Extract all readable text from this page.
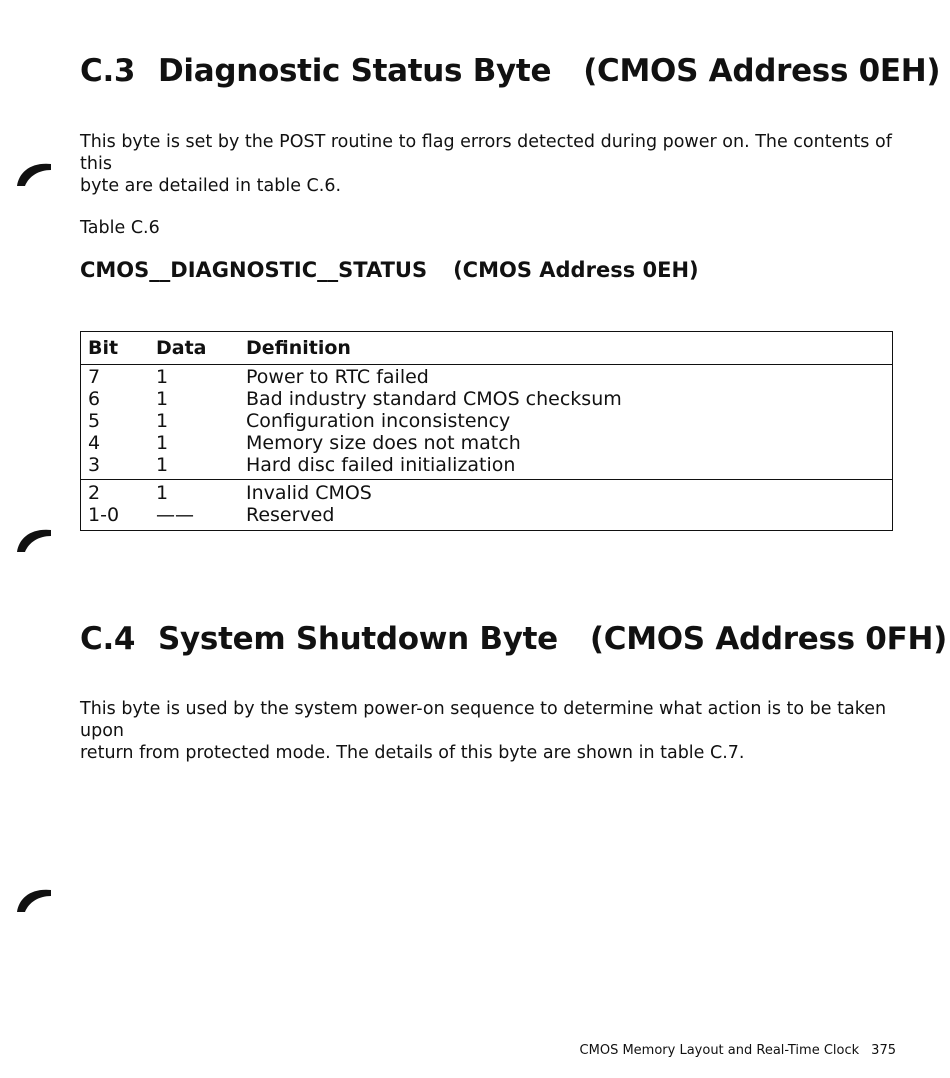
C.3 Diagnostic Status Byte (CMOS Address 0EH)

This byte is set by the POST routine to flag errors detected during power on. The contents of this
byte are detailed in table C.6.

Table C.6
CMOS__DIAGNOSTIC__STATUS (CMOS Address 0EH)
Bit Data Definition
7	1	Power to RTC failed
6	1	Bad industry standard CMOS checksum
5	1	Configuration inconsistency
4	1	Memory size does not match
3	1	Hard disc failed initialization
2	1	Invalid CMOS
1-0 ——	Reserved
C.4 System Shutdown Byte (CMOS Address 0FH)

This byte is used by the system power-on sequence to determine what action is to be taken upon
return from protected mode. The details of this byte are shown in table C.7.

CMOS Memory Layout and Real-Time Clock 375
